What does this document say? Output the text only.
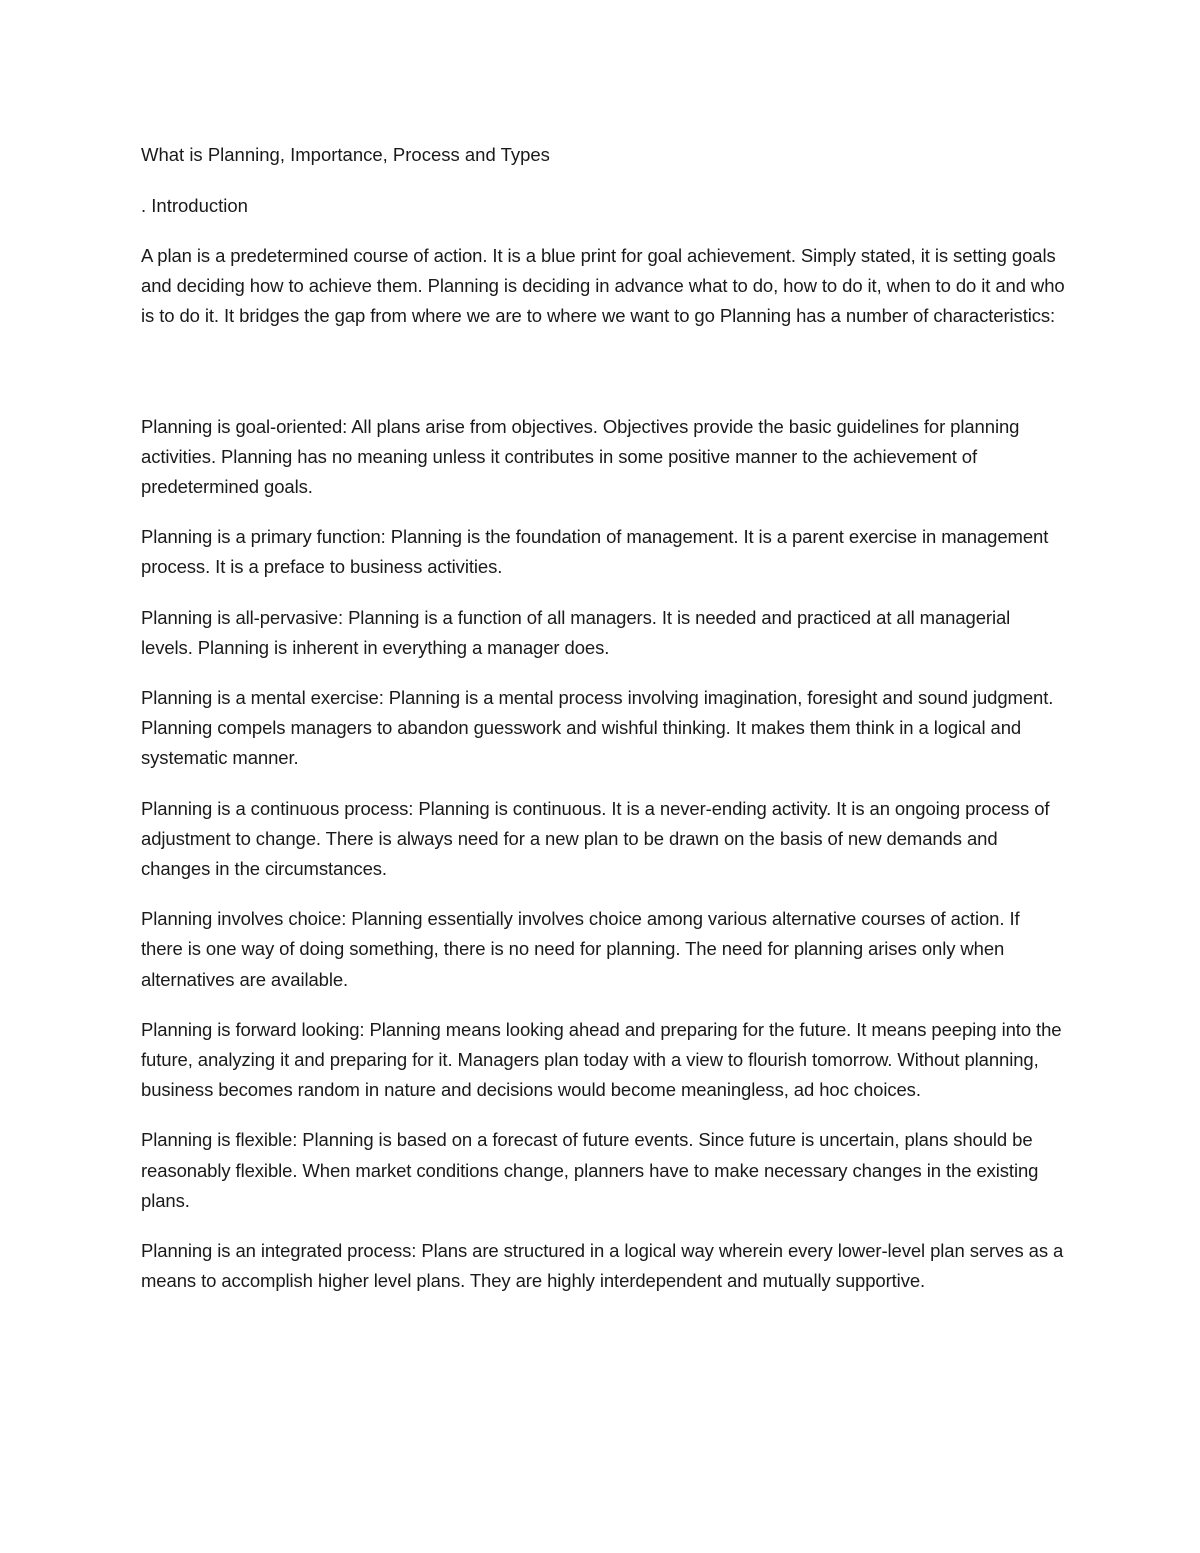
What is Planning, Importance, Process and Types

. Introduction

A plan is a predetermined course of action. It is a blue print for goal achievement. Simply stated, it is setting goals and deciding how to achieve them. Planning is deciding in advance what to do, how to do it, when to do it and who is to do it. It bridges the gap from where we are to where we want to go Planning has a number of characteristics:

Planning is goal-oriented: All plans arise from objectives. Objectives provide the basic guidelines for planning activities. Planning has no meaning unless it contributes in some positive manner to the achievement of predetermined goals.

Planning is a primary function: Planning is the foundation of management. It is a parent exercise in management process. It is a preface to business activities.

Planning is all-pervasive: Planning is a function of all managers. It is needed and practiced at all managerial levels. Planning is inherent in everything a manager does.

Planning is a mental exercise: Planning is a mental process involving imagination, foresight and sound judgment. Planning compels managers to abandon guesswork and wishful thinking. It makes them think in a logical and systematic manner.

Planning is a continuous process: Planning is continuous. It is a never-ending activity. It is an ongoing process of adjustment to change. There is always need for a new plan to be drawn on the basis of new demands and changes in the circumstances.

Planning involves choice: Planning essentially involves choice among various alternative courses of action. If there is one way of doing something, there is no need for planning. The need for planning arises only when alternatives are available.

Planning is forward looking: Planning means looking ahead and preparing for the future. It means peeping into the future, analyzing it and preparing for it. Managers plan today with a view to flourish tomorrow. Without planning, business becomes random in nature and decisions would become meaningless, ad hoc choices.

Planning is flexible: Planning is based on a forecast of future events. Since future is uncertain, plans should be reasonably flexible. When market conditions change, planners have to make necessary changes in the existing plans.

Planning is an integrated process: Plans are structured in a logical way wherein every lower-level plan serves as a means to accomplish higher level plans. They are highly interdependent and mutually supportive.
